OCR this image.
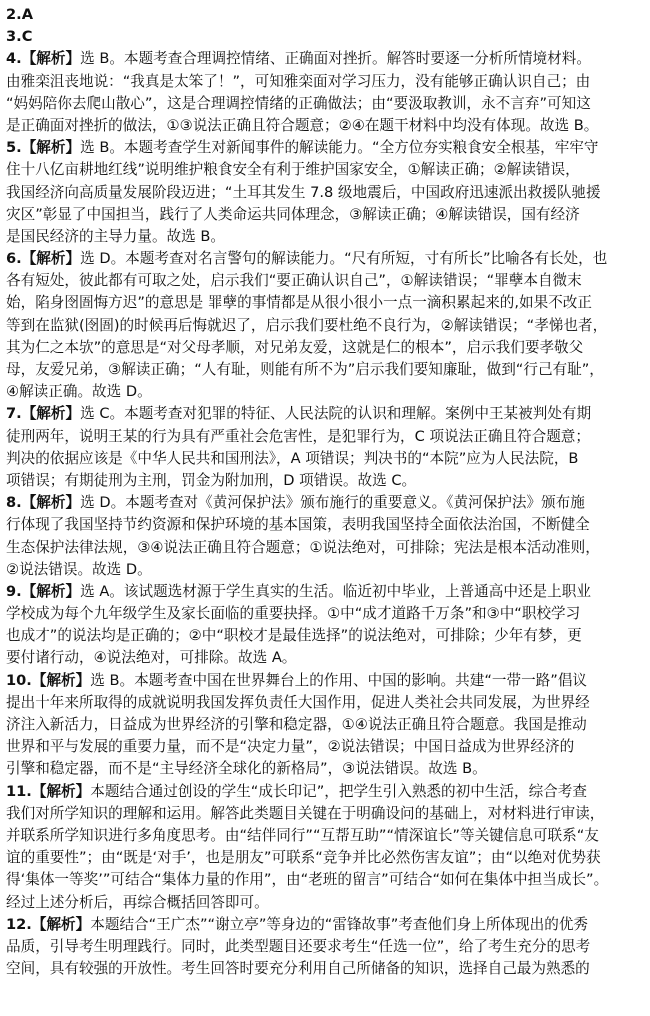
2.A
3.C
4.【解析】选 B。本题考查合理调控情绪、正确面对挫折。解答时要逐一分析所情境材料。
由雅栾沮丧地说：“我真是太笨了！”，可知雅栾面对学习压力，没有能够正确认识自己；由
“妈妈陪你去爬山散心”，这是合理调控情绪的正确做法；由“要汲取教训，永不言弃”可知这
是正确面对挫折的做法，①③说法正确且符合题意；②④在题干材料中均没有体现。故选 B。
5.【解析】选 B。本题考查学生对新闻事件的解读能力。“全方位夯实粮食安全根基，牢牢守
住十八亿亩耕地红线”说明维护粮食安全有利于维护国家安全，①解读正确；②解读错误，
我国经济向高质量发展阶段迈进；“土耳其发生 7.8 级地震后，中国政府迅速派出救援队驰援
灾区”彰显了中国担当，践行了人类命运共同体理念，③解读正确；④解读错误，国有经济
是国民经济的主导力量。故选 B。
6.【解析】选 D。本题考查对名言警句的解读能力。“尺有所短，寸有所长”比喻各有长处，也
各有短处，彼此都有可取之处，启示我们“要正确认识自己”，①解读错误；“罪孽本自微末
始，陷身囹圄悔方迟”的意思是 罪孽的事情都是从很小很小一点一滴积累起来的,如果不改正
等到在监狱(囹圄)的时候再后悔就迟了，启示我们要杜绝不良行为，②解读错误；“孝悌也者，
其为仁之本欤”的意思是“对父母孝顺，对兄弟友爱，这就是仁的根本”，启示我们要孝敬父
母，友爱兄弟，③解读正确；“人有耻，则能有所不为”启示我们要知廉耻，做到“行己有耻”，
④解读正确。故选 D。
7.【解析】选 C。本题考查对犯罪的特征、人民法院的认识和理解。案例中王某被判处有期
徒刑两年，说明王某的行为具有严重社会危害性，是犯罪行为，C 项说法正确且符合题意；
判决的依据应该是《中华人民共和国刑法》，A 项错误；判决书的“本院”应为人民法院，B
项错误；有期徒刑为主刑，罚金为附加刑，D 项错误。故选 C。
8.【解析】选 D。本题考查对《黄河保护法》颁布施行的重要意义。《黄河保护法》颁布施
行体现了我国坚持节约资源和保护环境的基本国策，表明我国坚持全面依法治国，不断健全
生态保护法律法规，③④说法正确且符合题意；①说法绝对，可排除；宪法是根本活动准则，
②说法错误。故选 D。
9.【解析】选 A。该试题选材源于学生真实的生活。临近初中毕业，上普通高中还是上职业
学校成为每个九年级学生及家长面临的重要抉择。①中“成才道路千万条”和③中“职校学习
也成才”的说法均是正确的；②中“职校才是最佳选择”的说法绝对，可排除；少年有梦，更
要付诸行动，④说法绝对，可排除。故选 A。
10.【解析】选 B。本题考查中国在世界舞台上的作用、中国的影响。共建“一带一路”倡议
提出十年来所取得的成就说明我国发挥负责任大国作用，促进人类社会共同发展，为世界经
济注入新活力，日益成为世界经济的引擎和稳定器，①④说法正确且符合题意。我国是推动
世界和平与发展的重要力量，而不是“决定力量”，②说法错误；中国日益成为世界经济的
引擎和稳定器，而不是“主导经济全球化的新格局”，③说法错误。故选 B。
11.【解析】本题结合通过创设的学生“成长印记”，把学生引入熟悉的初中生活，综合考查
我们对所学知识的理解和运用。解答此类题目关键在于明确设问的基础上，对材料进行审读，
并联系所学知识进行多角度思考。由“结伴同行”“互帮互助”“情深谊长”等关键信息可联系“友
谊的重要性”；由“既是‘对手’，也是朋友”可联系“竞争并比必然伤害友谊”；由“以绝对优势获
得‘集体一等奖’”可结合“集体力量的作用”，由“老班的留言”可结合“如何在集体中担当成长”。
经过上述分析后，再综合概括回答即可。
12.【解析】本题结合“王广杰”“谢立亭”等身边的“雷锋故事”考查他们身上所体现出的优秀
品质，引导考生明理践行。同时，此类型题目还要求考生“任选一位”，给了考生充分的思考
空间，具有较强的开放性。考生回答时要充分利用自己所储备的知识，选择自己最为熟悉的
